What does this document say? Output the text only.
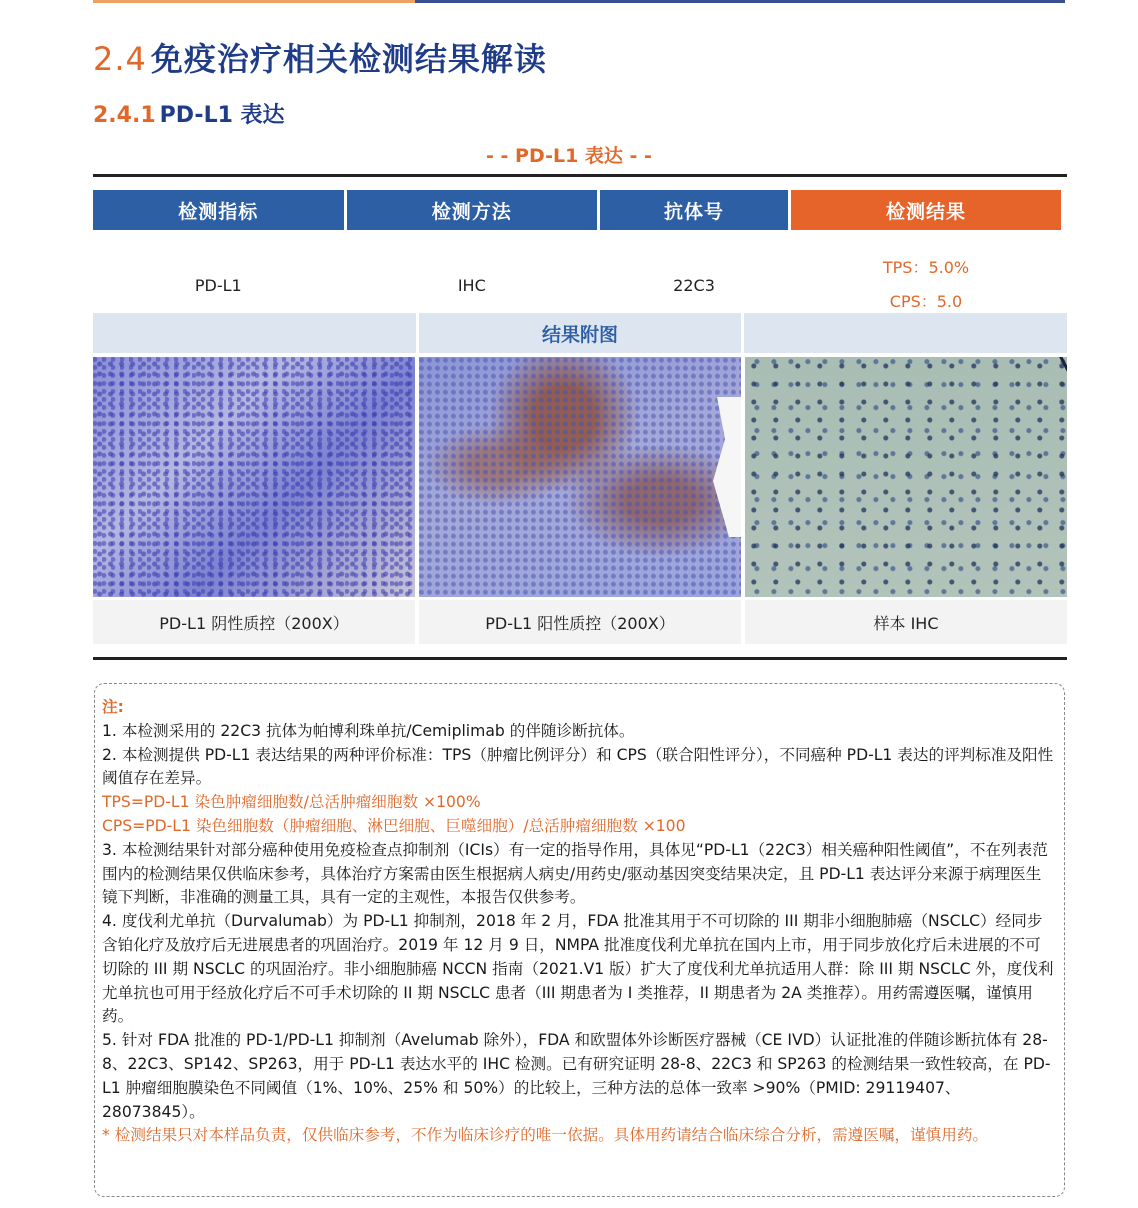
2.4 免疫治疗相关检测结果解读
2.4.1 PD-L1 表达
- - PD-L1 表达 - -
检测指标	检测方法	抗体号	检测结果
PD-L1	IHC	22C3	TPS：5.0%
CPS：5.0
结果附图
PD-L1 阴性质控（200X）	PD-L1 阳性质控（200X）	样本 IHC

注:

1. 本检测采用的 22C3 抗体为帕博利珠单抗/Cemiplimab 的伴随诊断抗体。

2. 本检测提供 PD-L1 表达结果的两种评价标准：TPS（肿瘤比例评分）和 CPS（联合阳性评分），不同癌种 PD-L1 表达的评判标准及阳性阈值存在差异。

TPS=PD-L1 染色肿瘤细胞数/总活肿瘤细胞数 ×100%

CPS=PD-L1 染色细胞数（肿瘤细胞、淋巴细胞、巨噬细胞）/总活肿瘤细胞数 ×100

3. 本检测结果针对部分癌种使用免疫检查点抑制剂（ICIs）有一定的指导作用，具体见“PD-L1（22C3）相关癌种阳性阈值”，不在列表范围内的检测结果仅供临床参考，具体治疗方案需由医生根据病人病史/用药史/驱动基因突变结果决定，且 PD-L1 表达评分来源于病理医生镜下判断，非准确的测量工具，具有一定的主观性，本报告仅供参考。

4. 度伐利尤单抗（Durvalumab）为 PD-L1 抑制剂，2018 年 2 月，FDA 批准其用于不可切除的 III 期非小细胞肺癌（NSCLC）经同步含铂化疗及放疗后无进展患者的巩固治疗。2019 年 12 月 9 日，NMPA 批准度伐利尤单抗在国内上市，用于同步放化疗后未进展的不可切除的 III 期 NSCLC 的巩固治疗。非小细胞肺癌 NCCN 指南（2021.V1 版）扩大了度伐利尤单抗适用人群：除 III 期 NSCLC 外，度伐利尤单抗也可用于经放化疗后不可手术切除的 II 期 NSCLC 患者（III 期患者为 I 类推荐，II 期患者为 2A 类推荐）。用药需遵医嘱，谨慎用药。

5. 针对 FDA 批准的 PD-1/PD-L1 抑制剂（Avelumab 除外），FDA 和欧盟体外诊断医疗器械（CE IVD）认证批准的伴随诊断抗体有 28-8、22C3、SP142、SP263，用于 PD-L1 表达水平的 IHC 检测。已有研究证明 28-8、22C3 和 SP263 的检测结果一致性较高，在 PD-L1 肿瘤细胞膜染色不同阈值（1%、10%、25% 和 50%）的比较上，三种方法的总体一致率 >90%（PMID: 29119407、28073845）。

* 检测结果只对本样品负责，仅供临床参考，不作为临床诊疗的唯一依据。具体用药请结合临床综合分析，需遵医嘱，谨慎用药。
